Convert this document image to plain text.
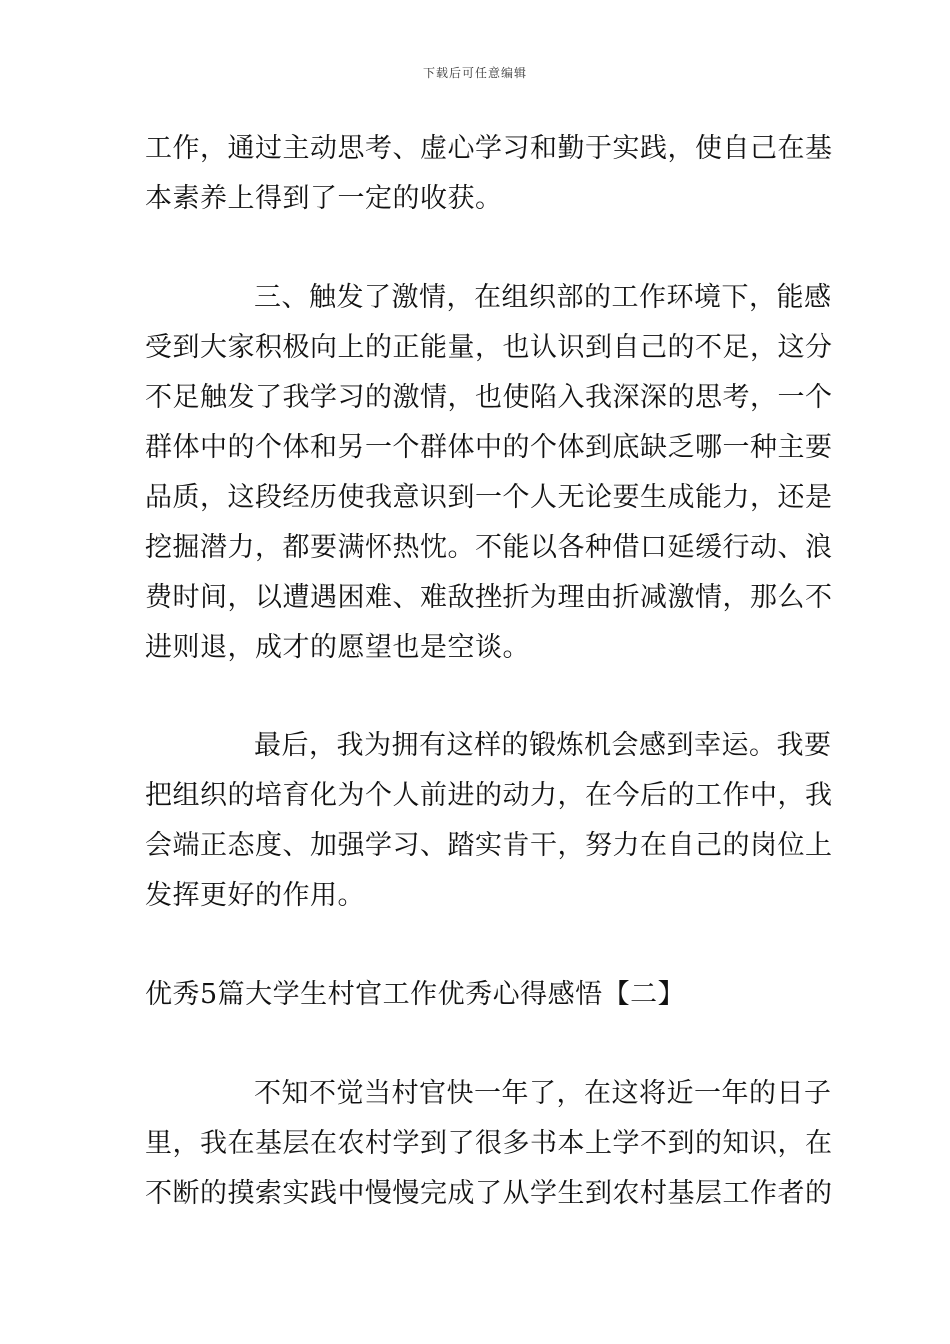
下载后可任意编辑
工作，通过主动思考、虚心学习和勤于实践，使自己在基
本素养上得到了一定的收获。
三、触发了激情，在组织部的工作环境下，能感
受到大家积极向上的正能量，也认识到自己的不足，这分
不足触发了我学习的激情，也使陷入我深深的思考，一个
群体中的个体和另一个群体中的个体到底缺乏哪一种主要
品质，这段经历使我意识到一个人无论要生成能力，还是
挖掘潜力，都要满怀热忱。不能以各种借口延缓行动、浪
费时间，以遭遇困难、难敌挫折为理由折减激情，那么不
进则退，成才的愿望也是空谈。
最后，我为拥有这样的锻炼机会感到幸运。我要
把组织的培育化为个人前进的动力，在今后的工作中，我
会端正态度、加强学习、踏实肯干，努力在自己的岗位上
发挥更好的作用。
优秀5篇大学生村官工作优秀心得感悟【二】
不知不觉当村官快一年了，在这将近一年的日子
里，我在基层在农村学到了很多书本上学不到的知识，在
不断的摸索实践中慢慢完成了从学生到农村基层工作者的
